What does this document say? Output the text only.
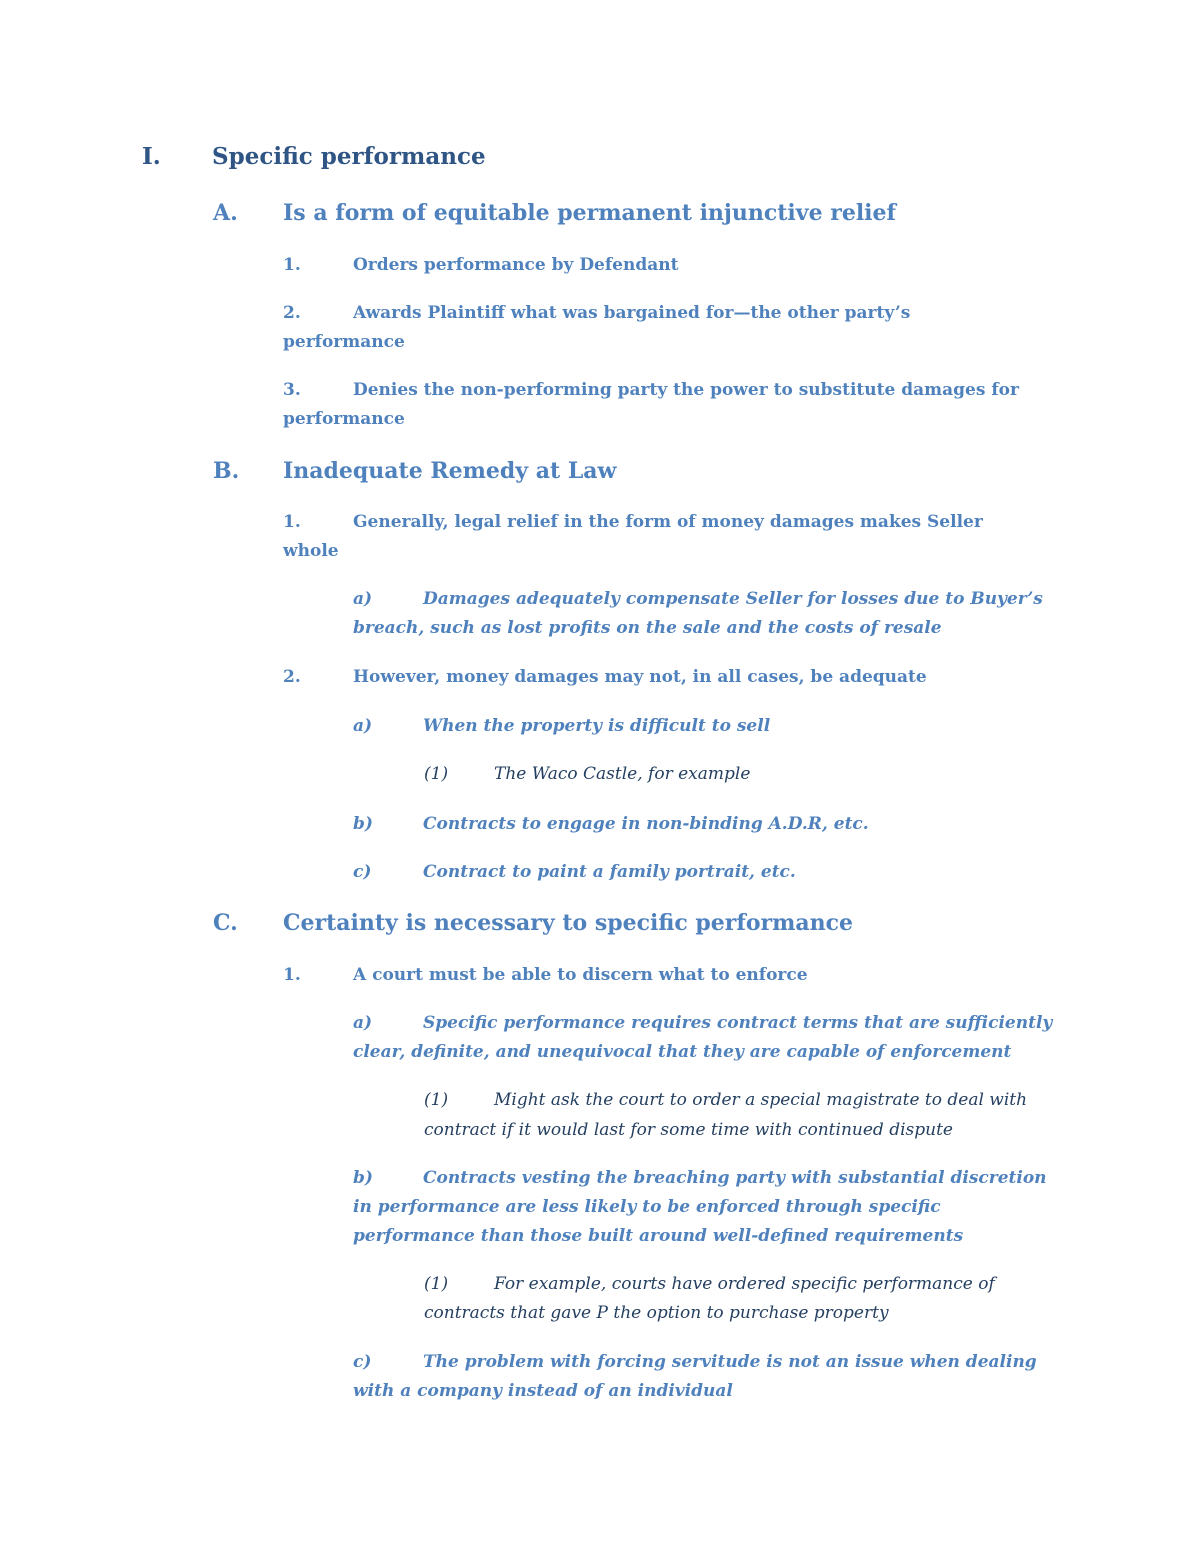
I. Specific performance
A. Is a form of equitable permanent injunctive relief
1.	Orders performance by Defendant
2.	Awards Plaintiff what was bargained for—the other party’s
performance
3.	Denies the non-performing party the power to substitute damages for
performance
B. Inadequate Remedy at Law
1.	Generally, legal relief in the form of money damages makes Seller
whole
a)	Damages adequately compensate Seller for losses due to Buyer’s
breach, such as lost profits on the sale and the costs of resale
2.	However, money damages may not, in all cases, be adequate
a)	When the property is difficult to sell
(1)	The Waco Castle, for example
b)	Contracts to engage in non-binding A.D.R, etc.
c)	Contract to paint a family portrait, etc.
C. Certainty is necessary to specific performance
1.	A court must be able to discern what to enforce
a)	Specific performance requires contract terms that are sufficiently
clear, definite, and unequivocal that they are capable of enforcement
(1)	Might ask the court to order a special magistrate to deal with
contract if it would last for some time with continued dispute
b)	Contracts vesting the breaching party with substantial discretion
in performance are less likely to be enforced through specific
performance than those built around well-defined requirements
(1)	For example, courts have ordered specific performance of
contracts that gave P the option to purchase property
c)	The problem with forcing servitude is not an issue when dealing
with a company instead of an individual
